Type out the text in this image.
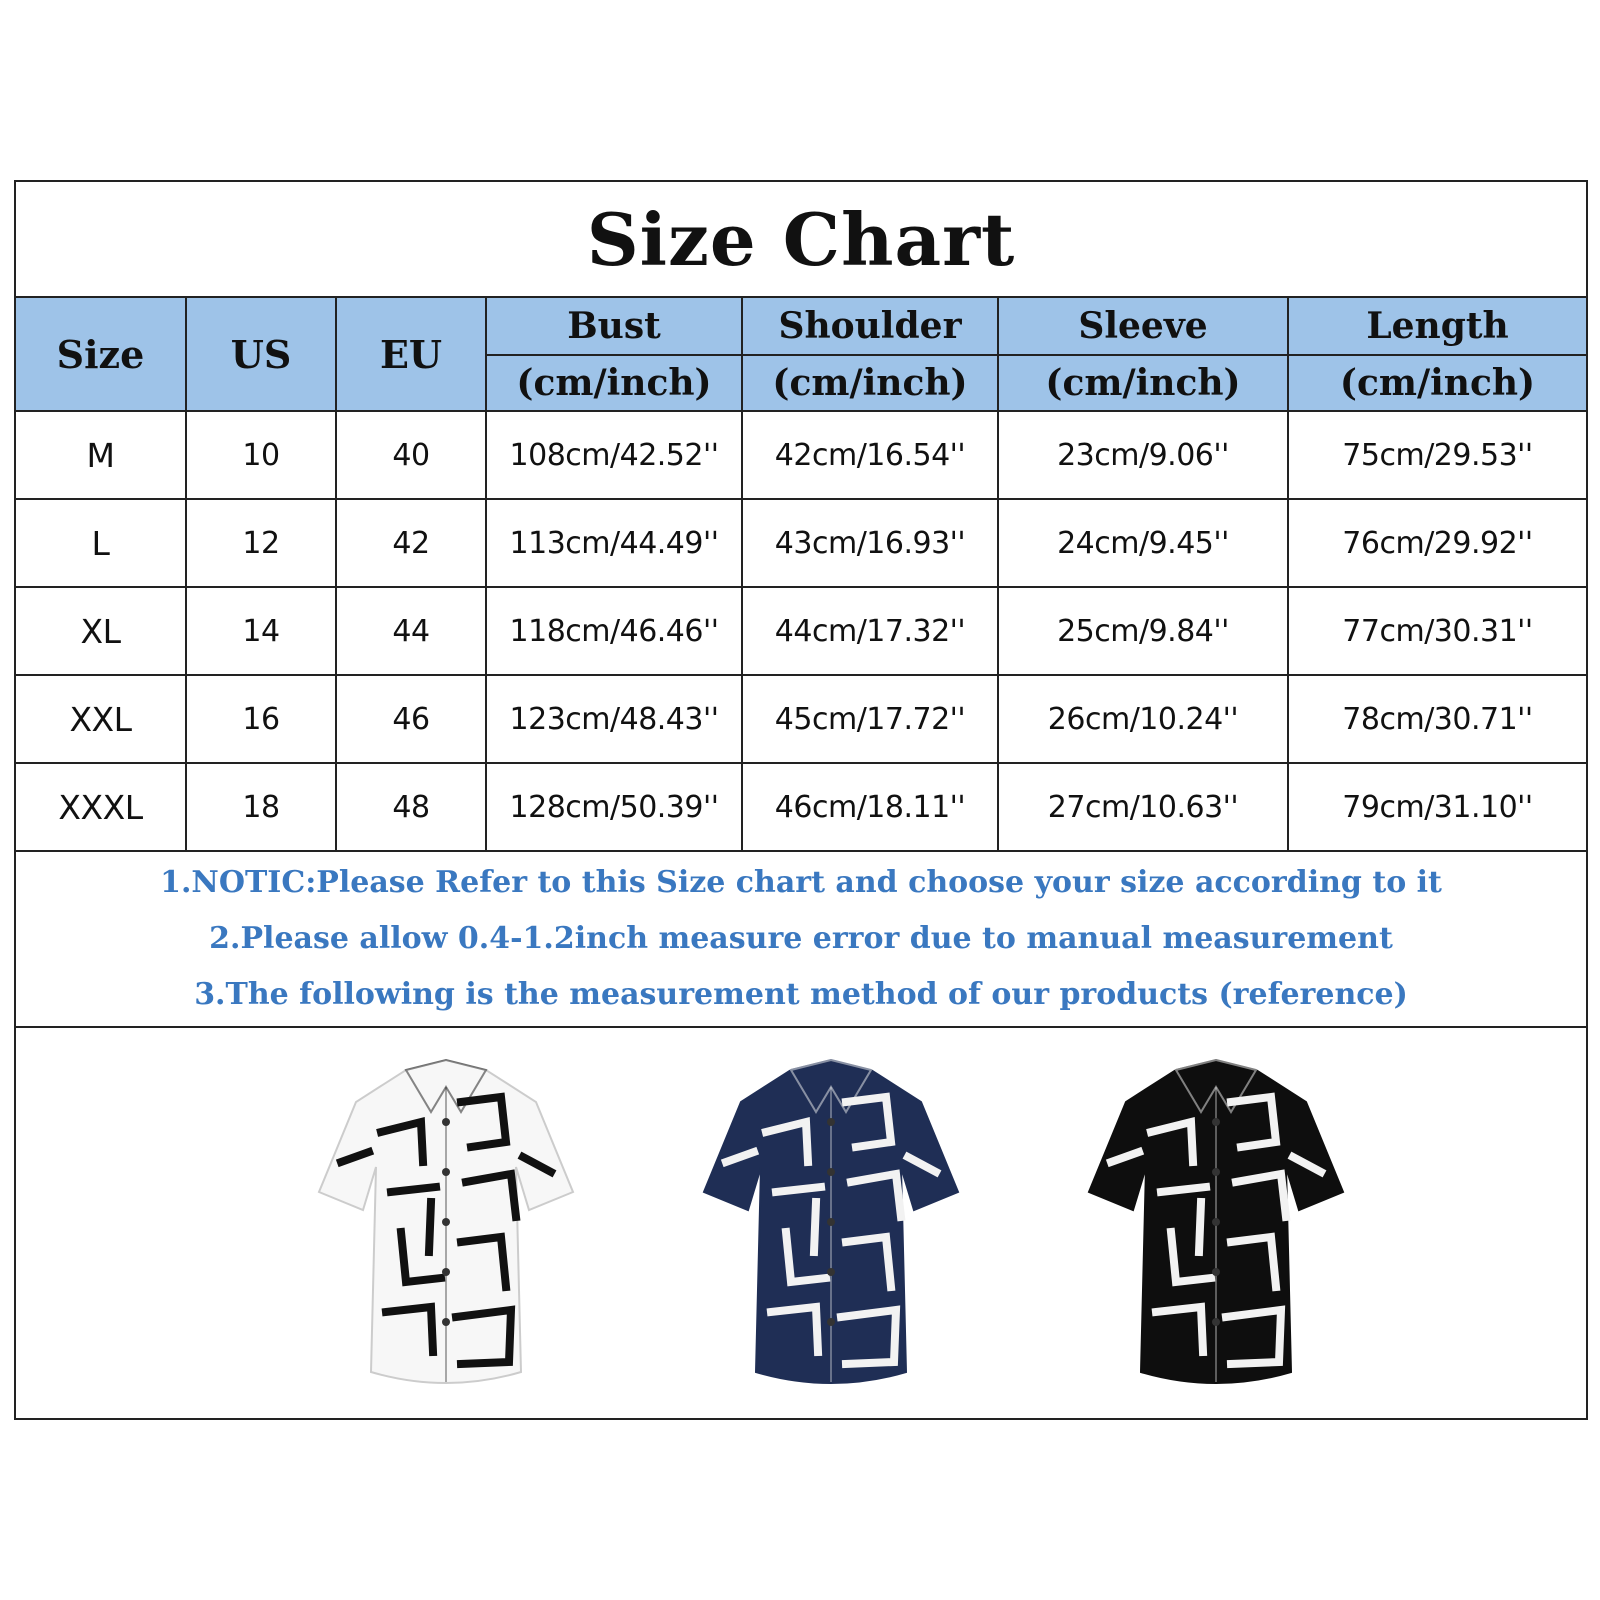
Size Chart
Size	US	EU	Bust	Shoulder	Sleeve	Length
			(cm/inch)	(cm/inch)	(cm/inch)	(cm/inch)
M	10	40	108cm/42.52''	42cm/16.54''	23cm/9.06''	75cm/29.53''
L	12	42	113cm/44.49''	43cm/16.93''	24cm/9.45''	76cm/29.92''
XL	14	44	118cm/46.46''	44cm/17.32''	25cm/9.84''	77cm/30.31''
XXL	16	46	123cm/48.43''	45cm/17.72''	26cm/10.24''	78cm/30.71''
XXXL	18	48	128cm/50.39''	46cm/18.11''	27cm/10.63''	79cm/31.10''
1.NOTIC:Please Refer to this Size chart and choose your size according to it
2.Please allow 0.4-1.2inch measure error due to manual measurement
3.The following is the measurement method of our products (reference)
